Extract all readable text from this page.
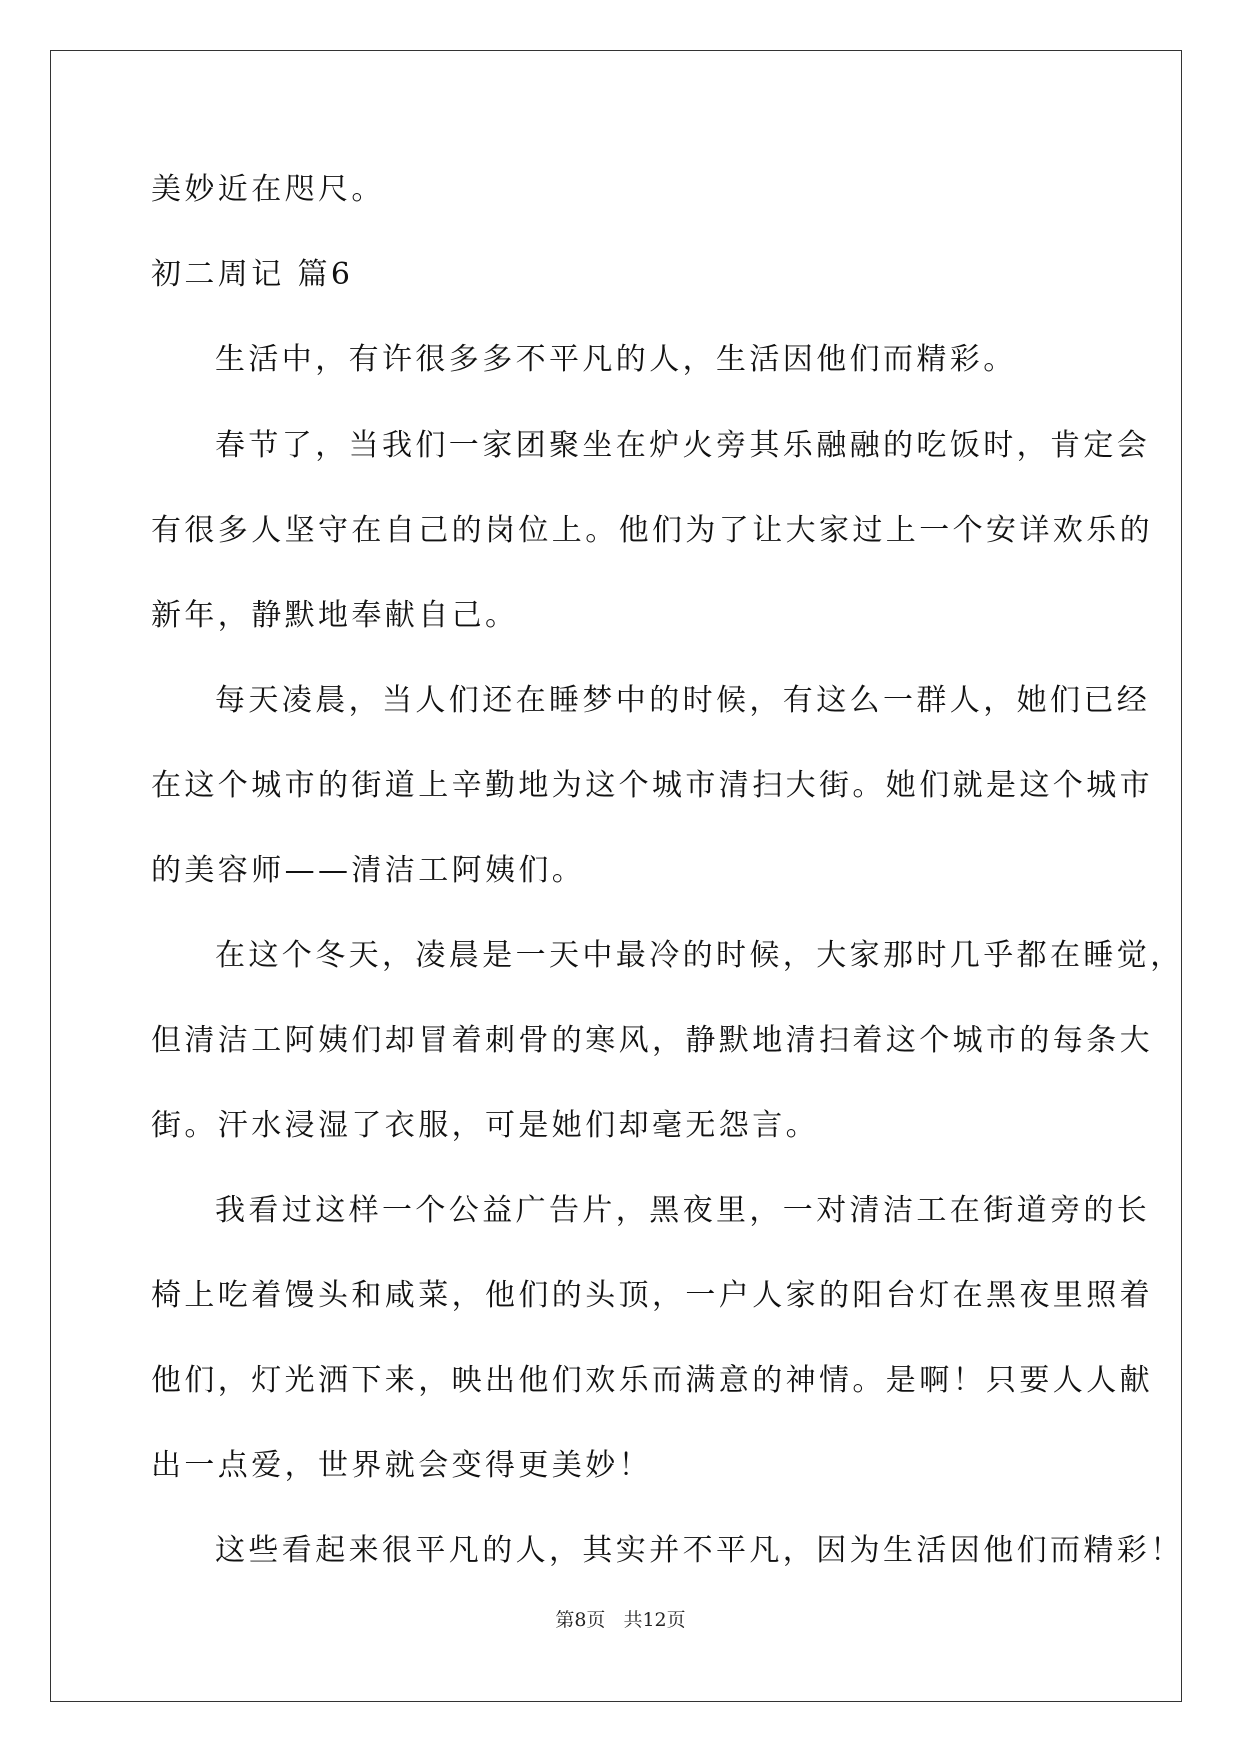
美妙近在咫尺。
初二周记 篇6
生活中，有许很多多不平凡的人，生活因他们而精彩。
春节了，当我们一家团聚坐在炉火旁其乐融融的吃饭时，肯定会
有很多人坚守在自己的岗位上。他们为了让大家过上一个安详欢乐的
新年，静默地奉献自己。
每天凌晨，当人们还在睡梦中的时候，有这么一群人，她们已经
在这个城市的街道上辛勤地为这个城市清扫大街。她们就是这个城市
的美容师——清洁工阿姨们。
在这个冬天，凌晨是一天中最冷的时候，大家那时几乎都在睡觉，
但清洁工阿姨们却冒着刺骨的寒风，静默地清扫着这个城市的每条大
街。汗水浸湿了衣服，可是她们却毫无怨言。
我看过这样一个公益广告片，黑夜里，一对清洁工在街道旁的长
椅上吃着馒头和咸菜，他们的头顶，一户人家的阳台灯在黑夜里照着
他们，灯光洒下来，映出他们欢乐而满意的神情。是啊！只要人人献
出一点爱，世界就会变得更美妙！
这些看起来很平凡的人，其实并不平凡，因为生活因他们而精彩！
第8页 共12页
